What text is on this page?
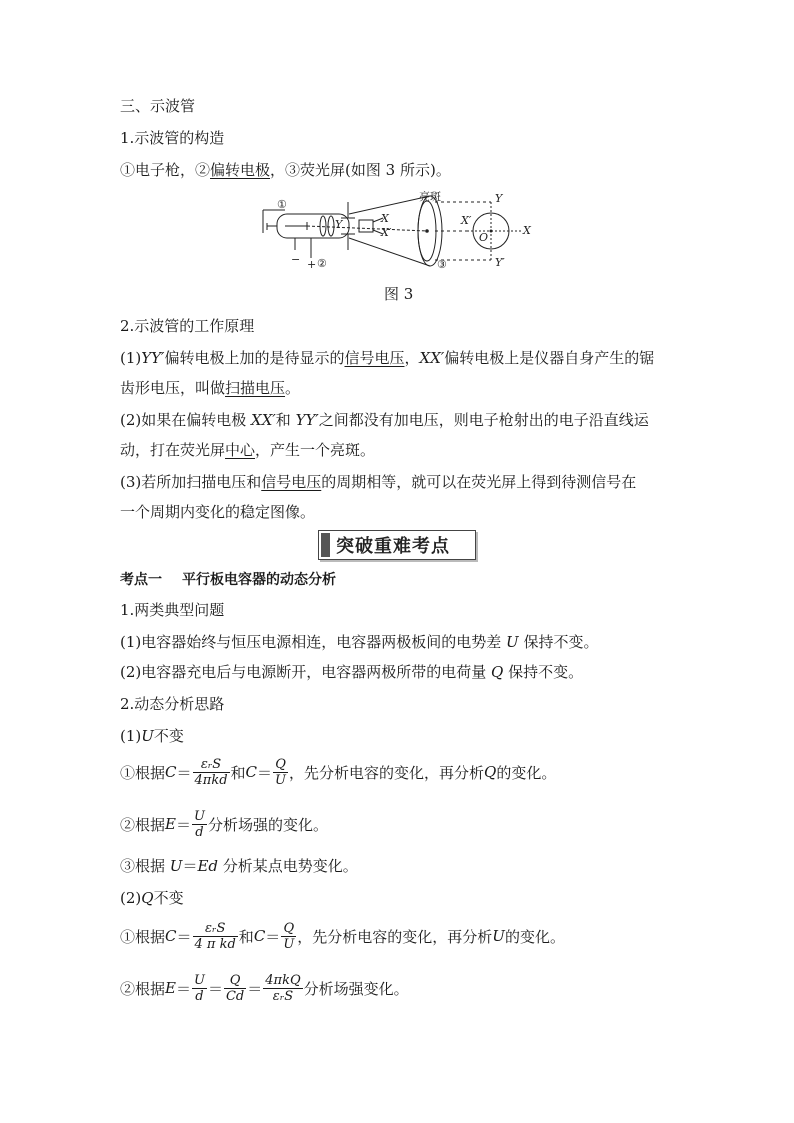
三、示波管
1.示波管的构造
①电子枪，②偏转电极，③荧光屏(如图 3 所示)。
①
②	③
亮斑
X
X′
Y	X′
Y
X
Y′
O
− +
图 3
2.示波管的工作原理
(1)YY′偏转电极上加的是待显示的信号电压，XX′偏转电极上是仪器自身产生的锯
齿形电压，叫做扫描电压。
(2)如果在偏转电极 XX′和 YY′之间都没有加电压，则电子枪射出的电子沿直线运
动，打在荧光屏中心，产生一个亮斑。
(3)若所加扫描电压和信号电压的周期相等，就可以在荧光屏上得到待测信号在
一个周期内变化的稳定图像。
突破重难考点
考点一 平行板电容器的动态分析
1.两类典型问题
(1)电容器始终与恒压电源相连，电容器两极板间的电势差 U 保持不变。
(2)电容器充电后与电源断开，电容器两极所带的电荷量 Q 保持不变。
2.动态分析思路
(1)U不变
①根据 $C = \frac{\text{εᵣS}}{\text{4πkd}}$ 和 $C = \frac{Q}{U}$ ，先分析电容的变化，再分析 Q 的变化。
②根据 $E = \frac{U}{d}$ 分析场强的变化。
③根据 U＝Ed 分析某点电势变化。
(2)Q不变
①根据 $C = \frac{\text{εᵣS}}{\text{4 π kd}}$ 和 $C = \frac{Q}{U}$ ，先分析电容的变化，再分析 U 的变化。
②根据 $E = \frac{U}{d} = \frac{Q}{Cd} = \frac{\text{4πkQ}}{\text{εᵣS}}$ 分析场强变化。
